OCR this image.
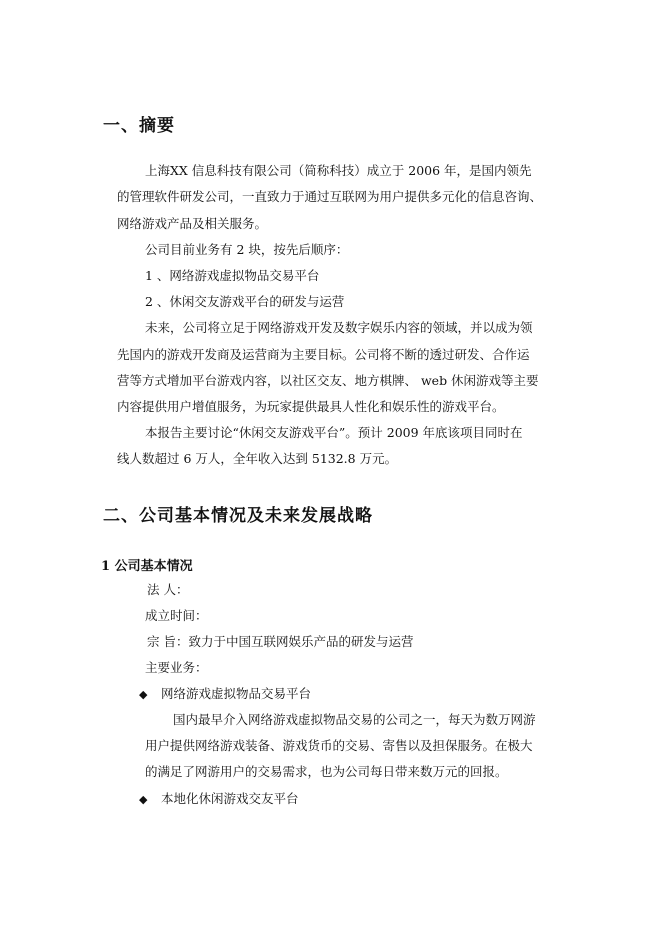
一、摘要
上海XX 信息科技有限公司（简称科技）成立于 2006 年，是国内领先
的管理软件研发公司，一直致力于通过互联网为用户提供多元化的信息咨询、
网络游戏产品及相关服务。
公司目前业务有 2 块，按先后顺序：
1 、网络游戏虚拟物品交易平台
2 、休闲交友游戏平台的研发与运营
未来，公司将立足于网络游戏开发及数字娱乐内容的领域，并以成为领
先国内的游戏开发商及运营商为主要目标。公司将不断的透过研发、合作运
营等方式增加平台游戏内容，以社区交友、地方棋牌、 web 休闲游戏等主要
内容提供用户增值服务，为玩家提供最具人性化和娱乐性的游戏平台。
本报告主要讨论“休闲交友游戏平台”。预计 2009 年底该项目同时在
线人数超过 6 万人，全年收入达到 5132.8 万元。
二、公司基本情况及未来发展战略
1 公司基本情况
法 人：
成立时间：
宗 旨：致力于中国互联网娱乐产品的研发与运营
主要业务：
◆ 网络游戏虚拟物品交易平台
国内最早介入网络游戏虚拟物品交易的公司之一，每天为数万网游
用户提供网络游戏装备、游戏货币的交易、寄售以及担保服务。在极大
的满足了网游用户的交易需求，也为公司每日带来数万元的回报。
◆ 本地化休闲游戏交友平台
